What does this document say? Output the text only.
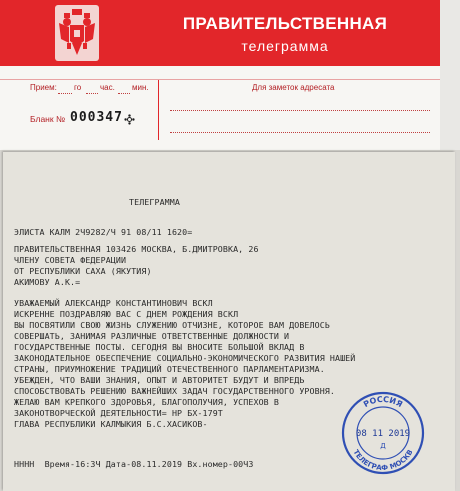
ПРАВИТЕЛЬСТВЕННАЯ
телеграмма
Прием: го час. мин.	Для заметок адресата
Бланк № 000347
ТЕЛЕГРАММА
ЭЛИСТА КАЛМ 2Ч9282/Ч 91 08/11 1620=
ПРАВИТЕЛЬСТВЕННАЯ 103426 МОСКВА, Б.ДМИТРОВКА, 26
ЧЛЕНУ СОВЕТА ФЕДЕРАЦИИ
ОТ РЕСПУБЛИКИ САХА (ЯКУТИЯ)
АКИМОВУ А.К.=
УВАЖАЕМЫЙ АЛЕКСАНДР КОНСТАНТИНОВИЧ ВСКЛ
ИСКРЕННЕ ПОЗДРАВЛЯЮ ВАС С ДНЕМ РОЖДЕНИЯ ВСКЛ
ВЫ ПОСВЯТИЛИ СВОЮ ЖИЗНЬ СЛУЖЕНИЮ ОТЧИЗНЕ, КОТОРОЕ ВАМ ДОВЕЛОСЬ
СОВЕРШАТЬ, ЗАНИМАЯ РАЗЛИЧНЫЕ ОТВЕТСТВЕННЫЕ ДОЛЖНОСТИ И
ГОСУДАРСТВЕННЫЕ ПОСТЫ. СЕГОДНЯ ВЫ ВНОСИТЕ БОЛЬШОЙ ВКЛАД В
ЗАКОНОДАТЕЛЬНОЕ ОБЕСПЕЧЕНИЕ СОЦИАЛЬНО-ЭКОНОМИЧЕСКОГО РАЗВИТИЯ НАШЕЙ
СТРАНЫ, ПРИУМНОЖЕНИЕ ТРАДИЦИЙ ОТЕЧЕСТВЕННОГО ПАРЛАМЕНТАРИЗМА.
УБЕЖДЕН, ЧТО ВАШИ ЗНАНИЯ, ОПЫТ И АВТОРИТЕТ БУДУТ И ВПРЕДЬ
СПОСОБСТВОВАТЬ РЕШЕНИЮ ВАЖНЕЙШИХ ЗАДАЧ ГОСУДАРСТВЕННОГО УРОВНЯ.
ЖЕЛАЮ ВАМ КРЕПКОГО ЗДОРОВЬЯ, БЛАГОПОЛУЧИЯ, УСПЕХОВ В
ЗАКОНОТВОРЧЕСКОЙ ДЕЯТЕЛЬНОСТИ= НР БХ-179Т
ГЛАВА РЕСПУБЛИКИ КАЛМЫКИЯ Б.С.ХАСИКОВ-
НННН  Время-16:3Ч Дата-08.11.2019 Вх.номер-00Ч3
РОССИЯ
ТЕЛЕГРАФ МОСКВ
08 11 2019
Д
